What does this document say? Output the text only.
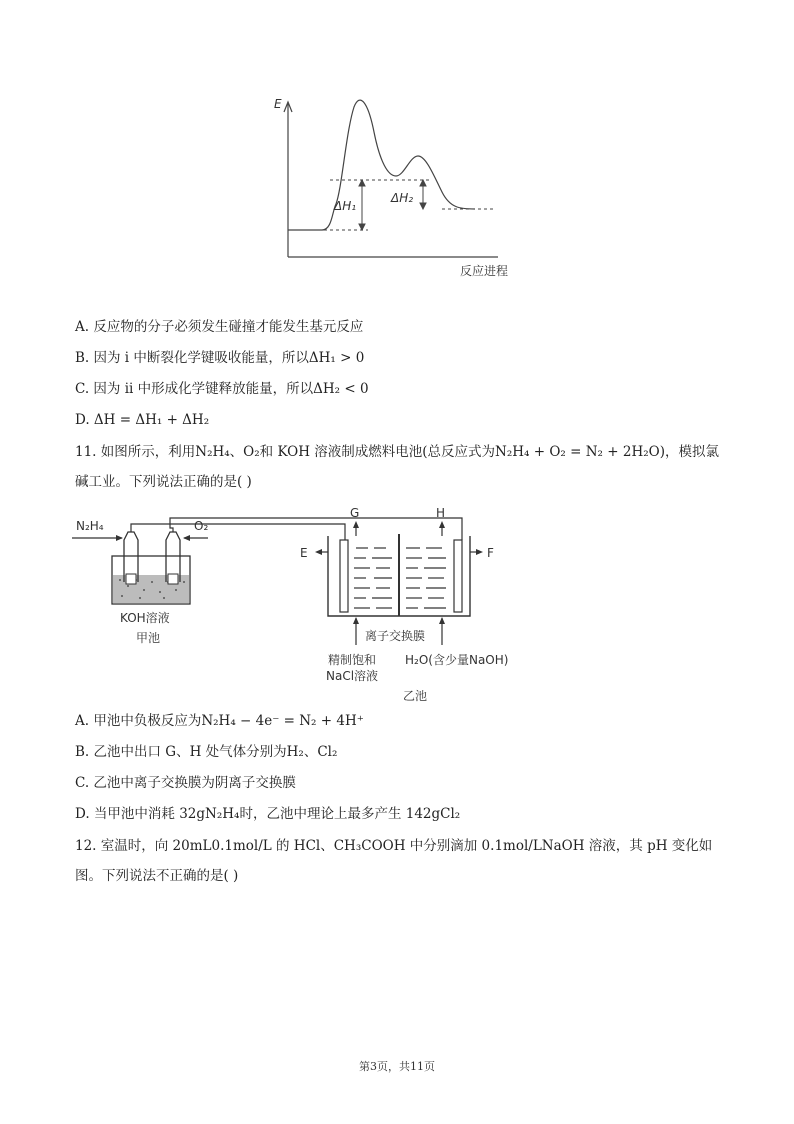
E
ΔH₁
ΔH₂
反应进程
A. 反应物的分子必须发生碰撞才能发生基元反应
B. 因为 i 中断裂化学键吸收能量，所以ΔH₁ > 0
C. 因为 ii 中形成化学键释放能量，所以ΔH₂ < 0
D. ΔH = ΔH₁ + ΔH₂
11. 如图所示，利用N₂H₄、O₂和 KOH 溶液制成燃料电池(总反应式为N₂H₄ + O₂ = N₂ + 2H₂O)，模拟氯碱工业。下列说法正确的是( )
N₂H₄	O₂
KOH溶液
甲池
G	H
E	F
离子交换膜
精制饱和
NaCl溶液
H₂O(含少量NaOH)
乙池
A. 甲池中负极反应为N₂H₄ − 4e⁻ = N₂ + 4H⁺
B. 乙池中出口 G、H 处气体分别为H₂、Cl₂
C. 乙池中离子交换膜为阴离子交换膜
D. 当甲池中消耗 32gN₂H₄时，乙池中理论上最多产生 142gCl₂
12. 室温时，向 20mL0.1mol/L 的 HCl、CH₃COOH 中分别滴加 0.1mol/LNaOH 溶液，其 pH 变化如图。下列说法不正确的是( )
第3页，共11页
